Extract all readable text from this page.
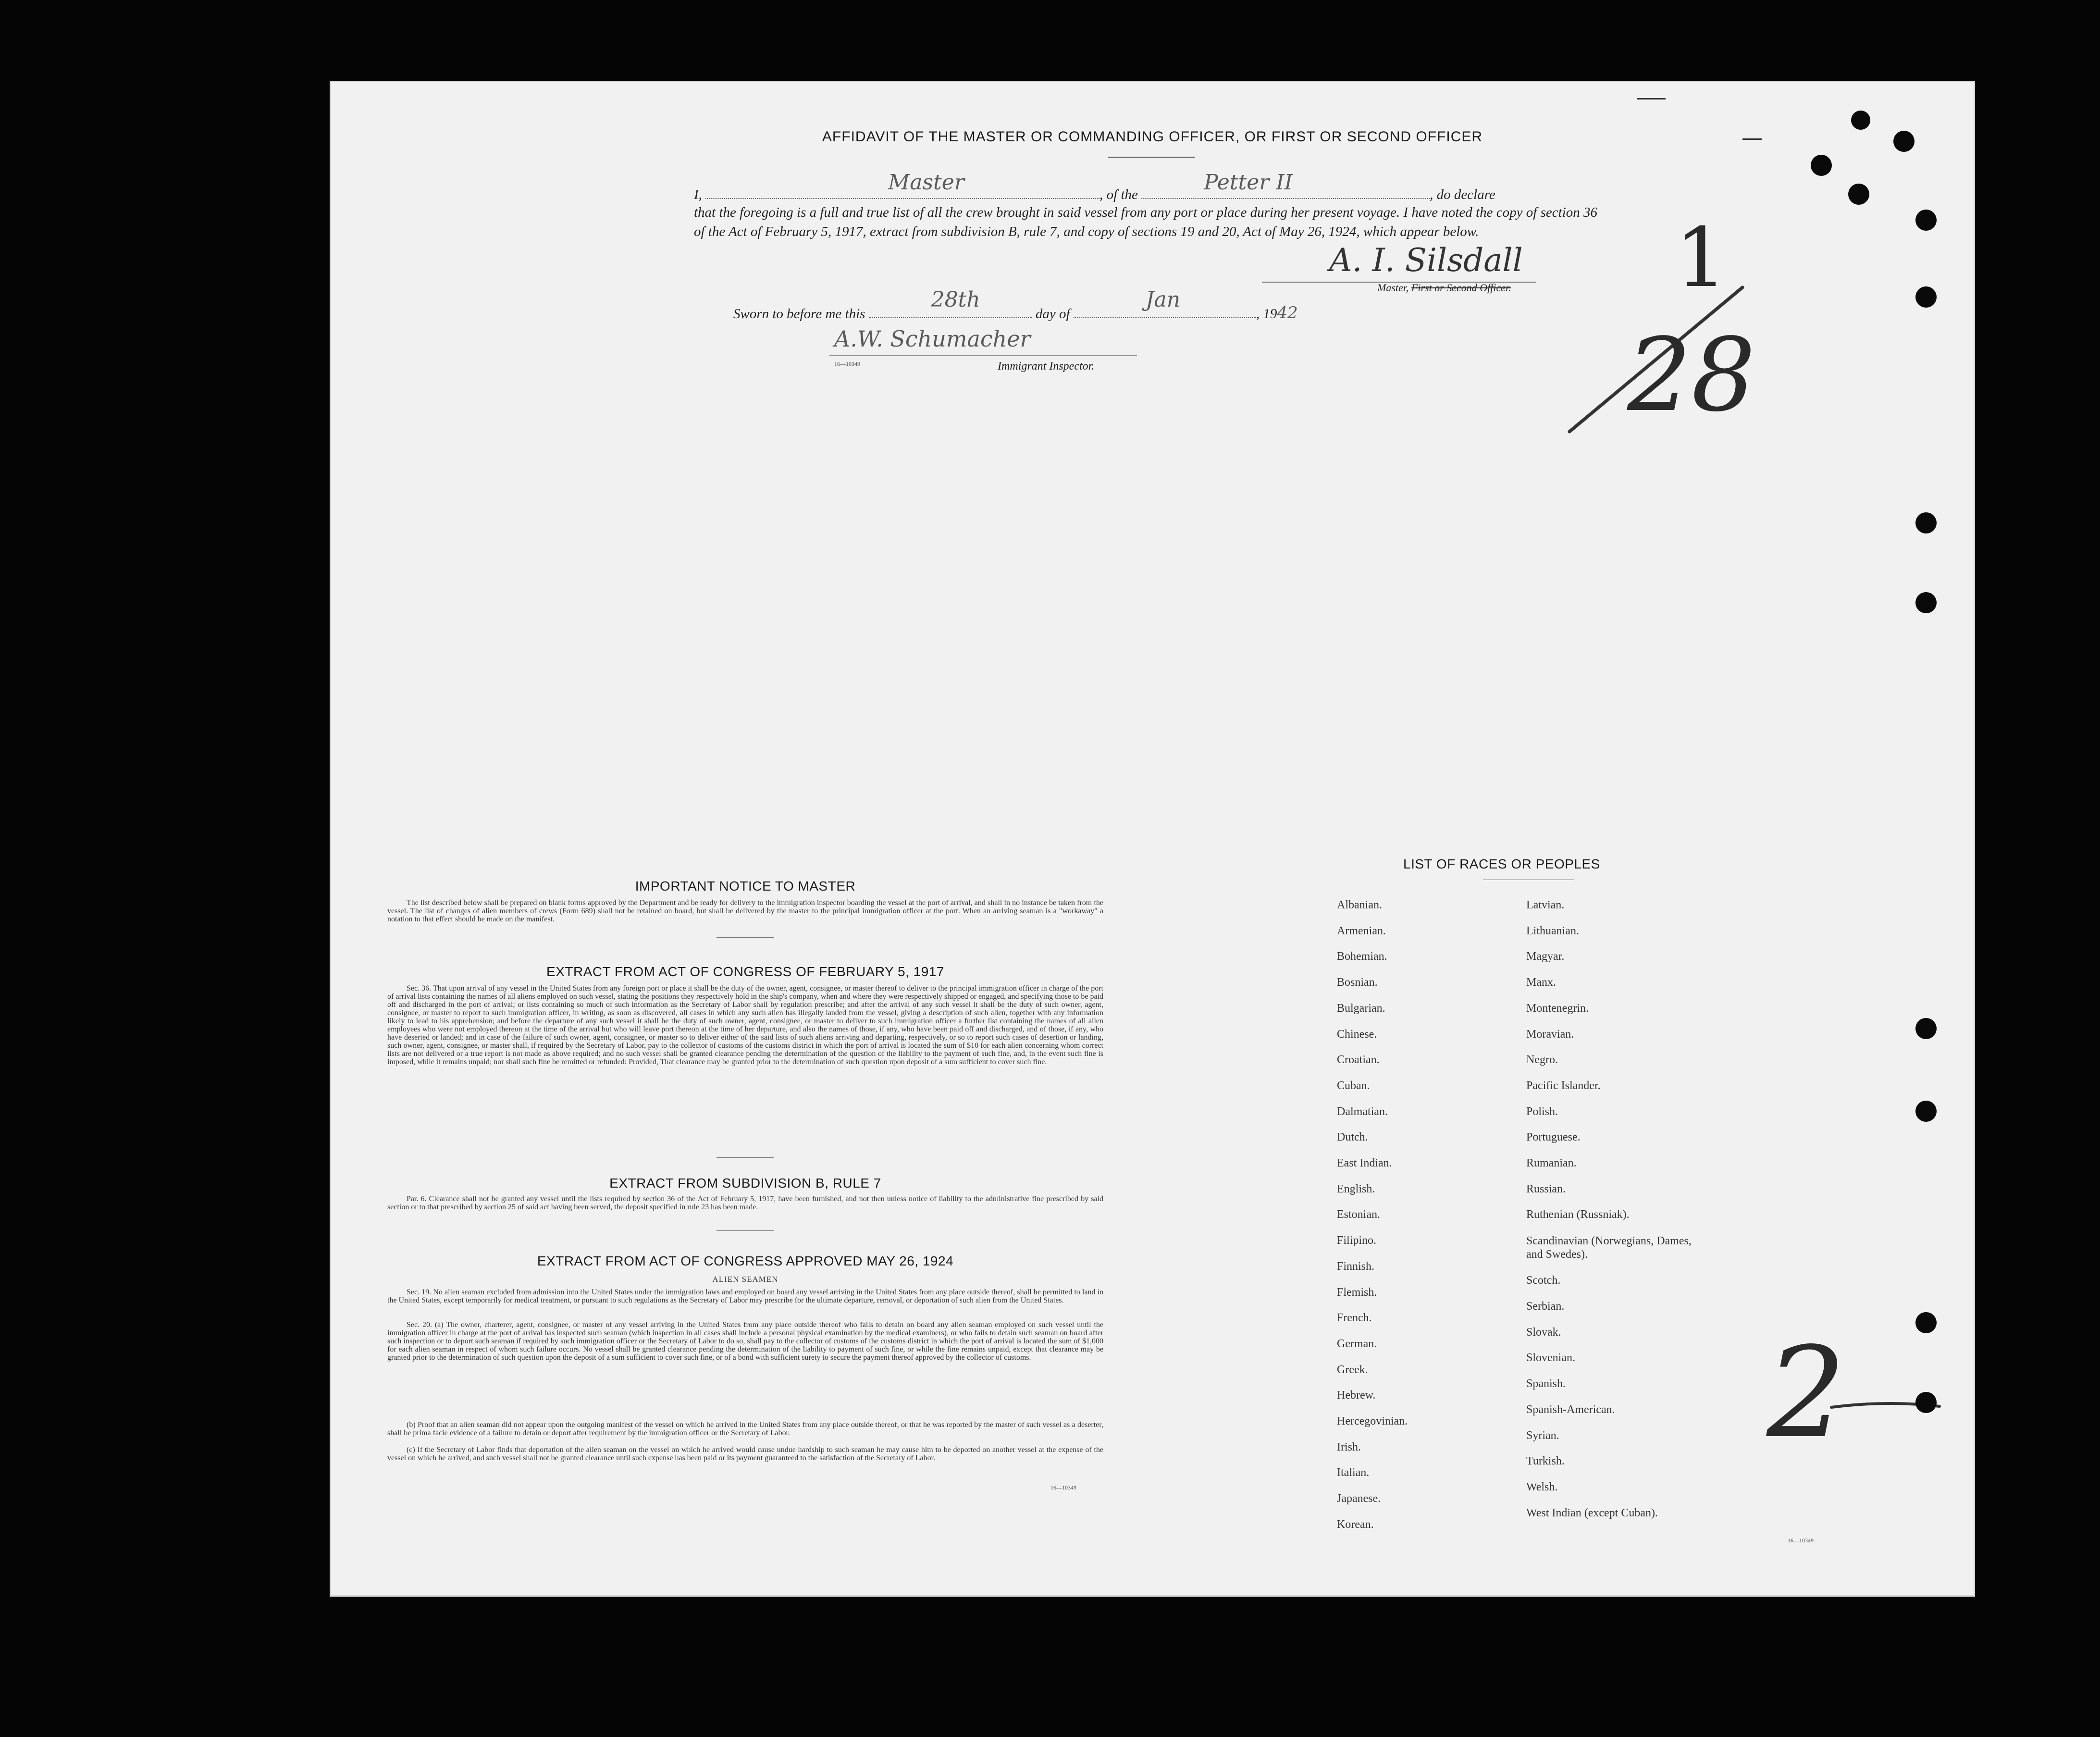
AFFIDAVIT OF THE MASTER OR COMMANDING OFFICER, OR FIRST OR SECOND OFFICER
I,	Master	, of the	Petter II	, do declare
that the foregoing is a full and true list of all the crew brought in said vessel from any port or place during her present voyage. I have noted the copy of section 36 of the Act of February 5, 1917, extract from subdivision B, rule 7, and copy of sections 19 and 20, Act of May 26, 1924, which appear below.
A. I. Silsdall
Master, First or Second Officer.
Sworn to before me this
28th
day of
Jan
, 1942
A.W. Schumacher
16—10349	Immigrant Inspector.
1
28
2
IMPORTANT NOTICE TO MASTER
The list described below shall be prepared on blank forms approved by the Department and be ready for delivery to the immigration inspector boarding the vessel at the port of arrival, and shall in no instance be taken from the vessel. The list of changes of alien members of crews (Form 689) shall not be retained on board, but shall be delivered by the master to the principal immigration officer at the port. When an arriving seaman is a "workaway" a notation to that effect should be made on the manifest.
EXTRACT FROM ACT OF CONGRESS OF FEBRUARY 5, 1917
Sec. 36. That upon arrival of any vessel in the United States from any foreign port or place it shall be the duty of the owner, agent, consignee, or master thereof to deliver to the principal immigration officer in charge of the port of arrival lists containing the names of all aliens employed on such vessel, stating the positions they respectively hold in the ship's company, when and where they were respectively shipped or engaged, and specifying those to be paid off and discharged in the port of arrival; or lists containing so much of such information as the Secretary of Labor shall by regulation prescribe; and after the arrival of any such vessel it shall be the duty of such owner, agent, consignee, or master to report to such immigration officer, in writing, as soon as discovered, all cases in which any such alien has illegally landed from the vessel, giving a description of such alien, together with any information likely to lead to his apprehension; and before the departure of any such vessel it shall be the duty of such owner, agent, consignee, or master to deliver to such immigration officer a further list containing the names of all alien employees who were not employed thereon at the time of the arrival but who will leave port thereon at the time of her departure, and also the names of those, if any, who have been paid off and discharged, and of those, if any, who have deserted or landed; and in case of the failure of such owner, agent, consignee, or master so to deliver either of the said lists of such aliens arriving and departing, respectively, or so to report such cases of desertion or landing, such owner, agent, consignee, or master shall, if required by the Secretary of Labor, pay to the collector of customs of the customs district in which the port of arrival is located the sum of $10 for each alien concerning whom correct lists are not delivered or a true report is not made as above required; and no such vessel shall be granted clearance pending the determination of the question of the liability to the payment of such fine, and, in the event such fine is imposed, while it remains unpaid; nor shall such fine be remitted or refunded: Provided, That clearance may be granted prior to the determination of such question upon deposit of a sum sufficient to cover such fine.
EXTRACT FROM SUBDIVISION B, RULE 7
Par. 6. Clearance shall not be granted any vessel until the lists required by section 36 of the Act of February 5, 1917, have been furnished, and not then unless notice of liability to the administrative fine prescribed by said section or to that prescribed by section 25 of said act having been served, the deposit specified in rule 23 has been made.
EXTRACT FROM ACT OF CONGRESS APPROVED MAY 26, 1924
ALIEN SEAMEN
Sec. 19. No alien seaman excluded from admission into the United States under the immigration laws and employed on board any vessel arriving in the United States from any place outside thereof, shall be permitted to land in the United States, except temporarily for medical treatment, or pursuant to such regulations as the Secretary of Labor may prescribe for the ultimate departure, removal, or deportation of such alien from the United States.
Sec. 20. (a) The owner, charterer, agent, consignee, or master of any vessel arriving in the United States from any place outside thereof who fails to detain on board any alien seaman employed on such vessel until the immigration officer in charge at the port of arrival has inspected such seaman (which inspection in all cases shall include a personal physical examination by the medical examiners), or who fails to detain such seaman on board after such inspection or to deport such seaman if required by such immigration officer or the Secretary of Labor to do so, shall pay to the collector of customs of the customs district in which the port of arrival is located the sum of $1,000 for each alien seaman in respect of whom such failure occurs. No vessel shall be granted clearance pending the determination of the liability to payment of such fine, or while the fine remains unpaid, except that clearance may be granted prior to the determination of such question upon the deposit of a sum sufficient to cover such fine, or of a bond with sufficient surety to secure the payment thereof approved by the collector of customs.
(b) Proof that an alien seaman did not appear upon the outgoing manifest of the vessel on which he arrived in the United States from any place outside thereof, or that he was reported by the master of such vessel as a deserter, shall be prima facie evidence of a failure to detain or deport after requirement by the immigration officer or the Secretary of Labor.
(c) If the Secretary of Labor finds that deportation of the alien seaman on the vessel on which he arrived would cause undue hardship to such seaman he may cause him to be deported on another vessel at the expense of the vessel on which he arrived, and such vessel shall not be granted clearance until such expense has been paid or its payment guaranteed to the satisfaction of the Secretary of Labor.
16—10349
LIST OF RACES OR PEOPLES
Albanian.
Armenian.
Bohemian.
Bosnian.
Bulgarian.
Chinese.
Croatian.
Cuban.
Dalmatian.
Dutch.
East Indian.
English.
Estonian.
Filipino.
Finnish.
Flemish.
French.
German.
Greek.
Hebrew.
Hercegovinian.
Irish.
Italian.
Japanese.
Korean.
Latvian.
Lithuanian.
Magyar.
Manx.
Montenegrin.
Moravian.
Negro.
Pacific Islander.
Polish.
Portuguese.
Rumanian.
Russian.
Ruthenian (Russniak).
Scandinavian (Norwegians, Dames, and Swedes).
Scotch.
Serbian.
Slovak.
Slovenian.
Spanish.
Spanish-American.
Syrian.
Turkish.
Welsh.
West Indian (except Cuban).
16—10349
